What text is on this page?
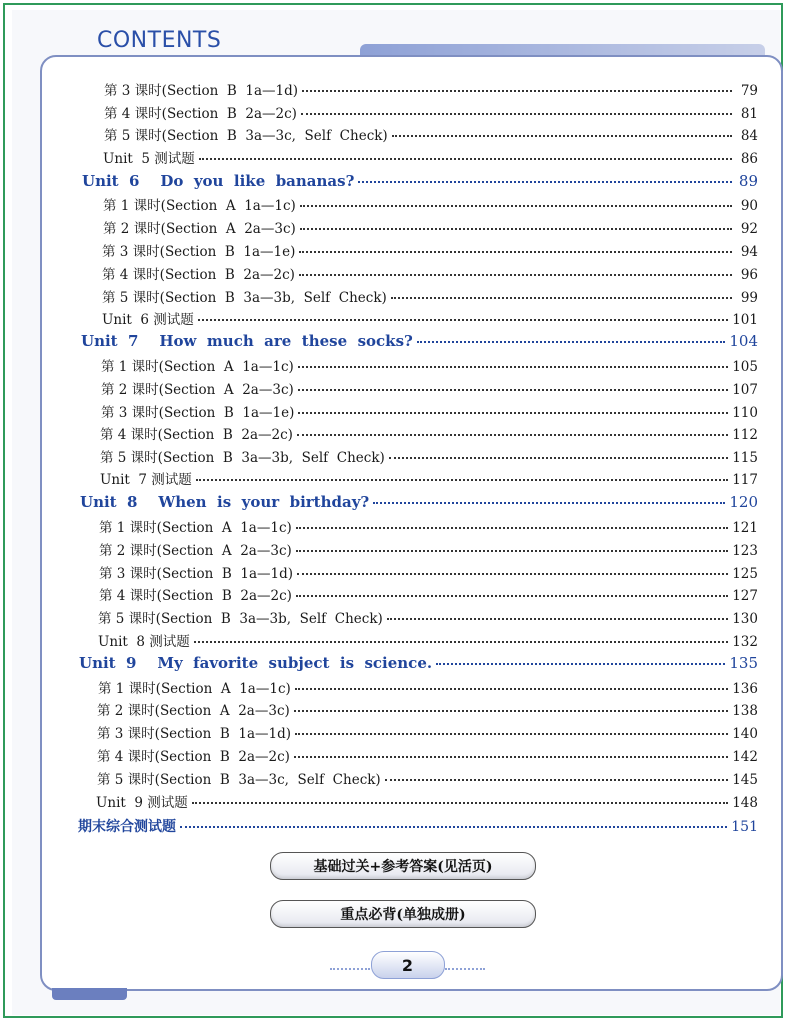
CONTENTS
第 3 课时(Section  B  1a—1d)	79
第 4 课时(Section  B  2a—2c)	81
第 5 课时(Section  B  3a—3c,  Self  Check)	84
Unit  5 测试题	86
Unit  6    Do  you  like  bananas?	89
第 1 课时(Section  A  1a—1c)	90
第 2 课时(Section  A  2a—3c)	92
第 3 课时(Section  B  1a—1e)	94
第 4 课时(Section  B  2a—2c)	96
第 5 课时(Section  B  3a—3b,  Self  Check)	99
Unit  6 测试题	101
Unit  7    How  much  are  these  socks?	104
第 1 课时(Section  A  1a—1c)	105
第 2 课时(Section  A  2a—3c)	107
第 3 课时(Section  B  1a—1e)	110
第 4 课时(Section  B  2a—2c)	112
第 5 课时(Section  B  3a—3b,  Self  Check)	115
Unit  7 测试题	117
Unit  8    When  is  your  birthday?	120
第 1 课时(Section  A  1a—1c)	121
第 2 课时(Section  A  2a—3c)	123
第 3 课时(Section  B  1a—1d)	125
第 4 课时(Section  B  2a—2c)	127
第 5 课时(Section  B  3a—3b,  Self  Check)	130
Unit  8 测试题	132
Unit  9    My  favorite  subject  is  science.	135
第 1 课时(Section  A  1a—1c)	136
第 2 课时(Section  A  2a—3c)	138
第 3 课时(Section  B  1a—1d)	140
第 4 课时(Section  B  2a—2c)	142
第 5 课时(Section  B  3a—3c,  Self  Check)	145
Unit  9 测试题	148
期末综合测试题	151
基础过关+参考答案(见活页)
重点必背(单独成册)
2
